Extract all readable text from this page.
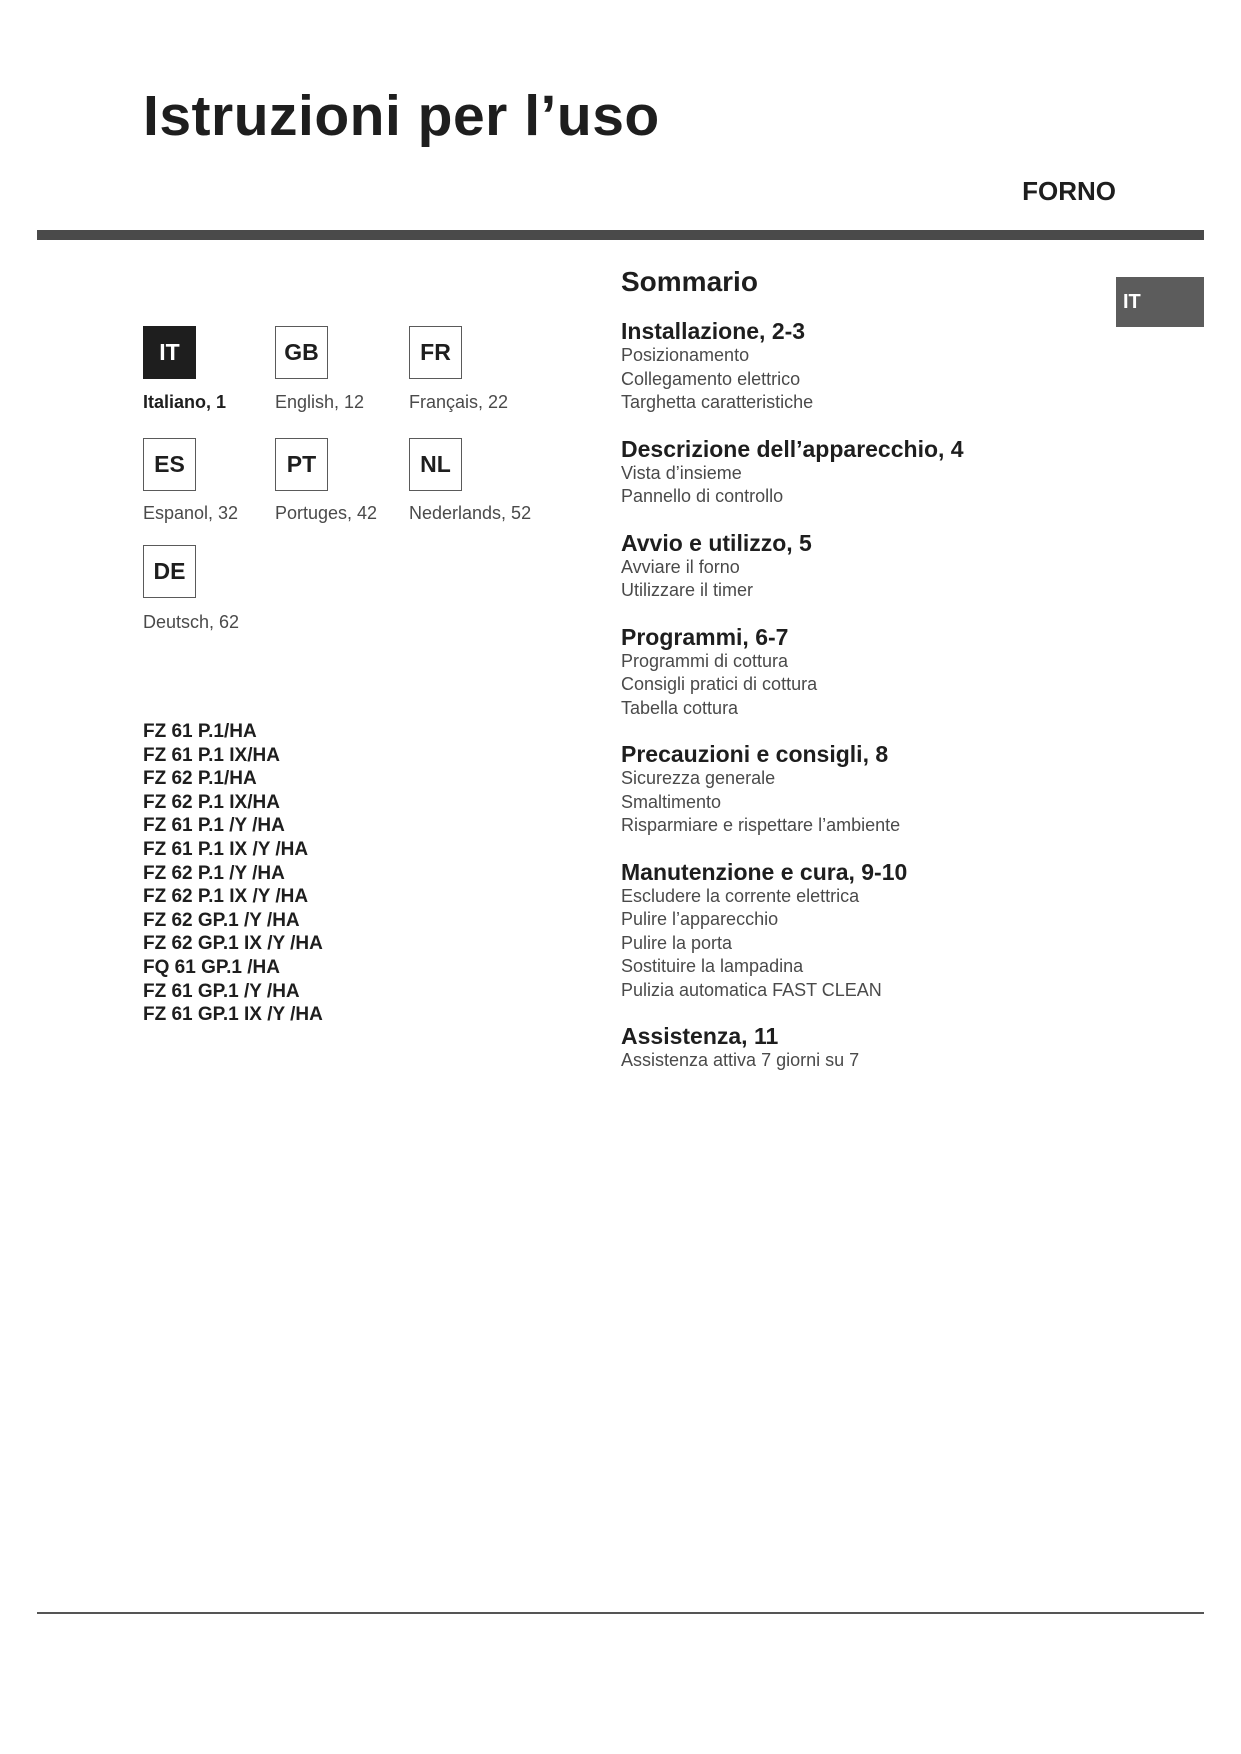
Istruzioni per l’uso
FORNO
IT
IT	GB	FR
Italiano, 1	English, 12 Français, 22
ES	PT	NL
Espanol, 32 Portuges, 42 Nederlands, 52
DE
Deutsch, 62
FZ 61 P.1/HA
FZ 61 P.1 IX/HA
FZ 62 P.1/HA
FZ 62 P.1 IX/HA
FZ 61 P.1 /Y /HA
FZ 61 P.1 IX /Y /HA
FZ 62 P.1 /Y /HA
FZ 62 P.1 IX /Y /HA
FZ 62 GP.1 /Y /HA
FZ 62 GP.1 IX /Y /HA
FQ 61 GP.1 /HA
FZ 61 GP.1 /Y /HA
FZ 61 GP.1 IX /Y /HA
Sommario
Installazione, 2-3
Posizionamento
Collegamento elettrico
Targhetta caratteristiche
Descrizione dell’apparecchio, 4
Vista d’insieme
Pannello di controllo
Avvio e utilizzo, 5
Avviare il forno
Utilizzare il timer
Programmi, 6-7
Programmi di cottura
Consigli pratici di cottura
Tabella cottura
Precauzioni e consigli, 8
Sicurezza generale
Smaltimento
Risparmiare e rispettare l’ambiente
Manutenzione e cura, 9-10
Escludere la corrente elettrica
Pulire l’apparecchio
Pulire la porta
Sostituire la lampadina
Pulizia automatica FAST CLEAN
Assistenza, 11
Assistenza attiva 7 giorni su 7
